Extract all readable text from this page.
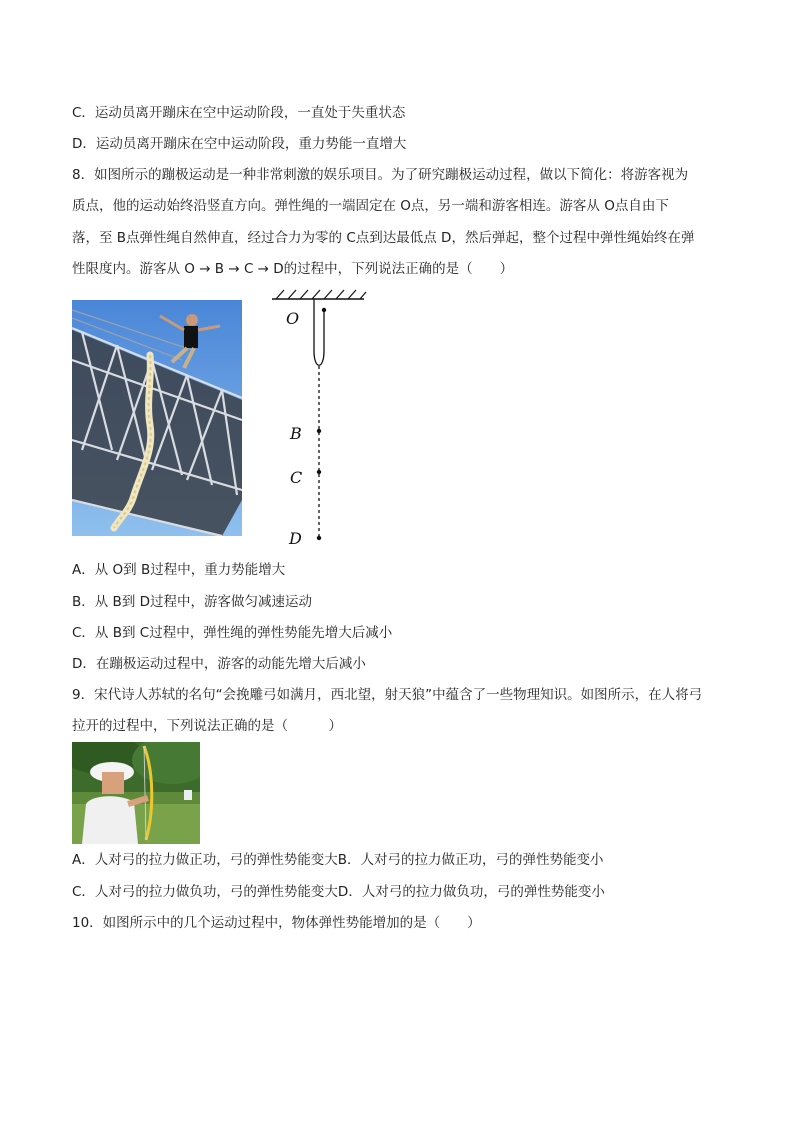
C．运动员离开蹦床在空中运动阶段，一直处于失重状态
D．运动员离开蹦床在空中运动阶段，重力势能一直增大
8．如图所示的蹦极运动是一种非常刺激的娱乐项目。为了研究蹦极运动过程，做以下简化：将游客视为
质点，他的运动始终沿竖直方向。弹性绳的一端固定在 O点，另一端和游客相连。游客从 O点自由下
落，至 B点弹性绳自然伸直，经过合力为零的 C点到达最低点 D，然后弹起，整个过程中弹性绳始终在弹
性限度内。游客从 O → B → C → D的过程中，下列说法正确的是（　　）
O
B
C
D
A．从 O到 B过程中，重力势能增大
B．从 B到 D过程中，游客做匀减速运动
C．从 B到 C过程中，弹性绳的弹性势能先增大后减小
D．在蹦极运动过程中，游客的动能先增大后减小
9．宋代诗人苏轼的名句“会挽雕弓如满月，西北望，射天狼”中蕴含了一些物理知识。如图所示，在人将弓
拉开的过程中，下列说法正确的是（　　　）
A．人对弓的拉力做正功，弓的弹性势能变大B．人对弓的拉力做正功，弓的弹性势能变小
C．人对弓的拉力做负功，弓的弹性势能变大D．人对弓的拉力做负功，弓的弹性势能变小
10．如图所示中的几个运动过程中，物体弹性势能增加的是（　　）
